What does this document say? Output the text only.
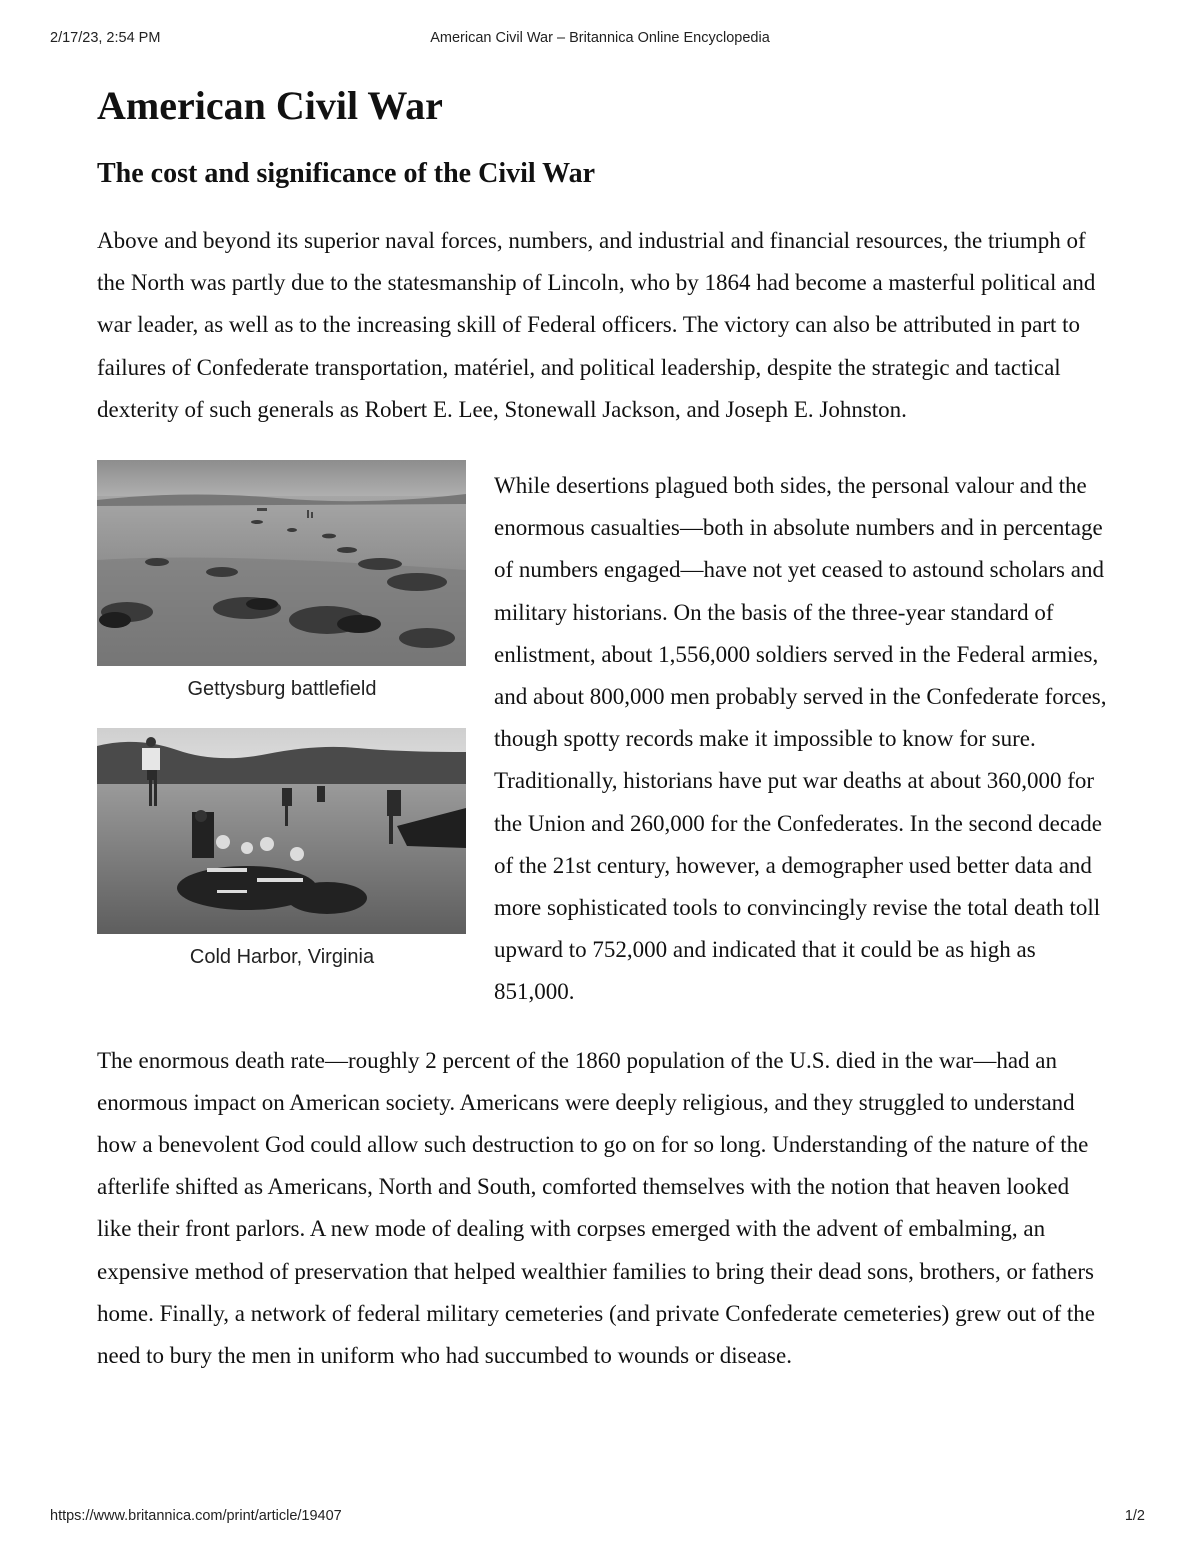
American Civil War – Britannica Online Encyclopedia
2/17/23, 2:54 PM
American Civil War
The cost and significance of the Civil War

Above and beyond its superior naval forces, numbers, and industrial and financial resources, the triumph of the North was partly due to the statesmanship of Lincoln, who by 1864 had become a masterful political and war leader, as well as to the increasing skill of Federal officers. The victory can also be attributed in part to failures of Confederate transportation, matériel, and political leadership, despite the strategic and tactical dexterity of such generals as Robert E. Lee, Stonewall Jackson, and Joseph E. Johnston.

Gettysburg battlefield
Cold Harbor, Virginia

While desertions plagued both sides, the personal valour and the enormous casualties—both in absolute numbers and in percentage of numbers engaged—have not yet ceased to astound scholars and military historians. On the basis of the three-year standard of enlistment, about 1,556,000 soldiers served in the Federal armies, and about 800,000 men probably served in the Confederate forces, though spotty records make it impossible to know for sure. Traditionally, historians have put war deaths at about 360,000 for the Union and 260,000 for the Confederates. In the second decade of the 21st century, however, a demographer used better data and more sophisticated tools to convincingly revise the total death toll upward to 752,000 and indicated that it could be as high as 851,000.

The enormous death rate—roughly 2 percent of the 1860 population of the U.S. died in the war—had an enormous impact on American society. Americans were deeply religious, and they struggled to understand how a benevolent God could allow such destruction to go on for so long. Understanding of the nature of the afterlife shifted as Americans, North and South, comforted themselves with the notion that heaven looked like their front parlors. A new mode of dealing with corpses emerged with the advent of embalming, an expensive method of preservation that helped wealthier families to bring their dead sons, brothers, or fathers home. Finally, a network of federal military cemeteries (and private Confederate cemeteries) grew out of the need to bury the men in uniform who had succumbed to wounds or disease.

https://www.britannica.com/print/article/19407	1/2
